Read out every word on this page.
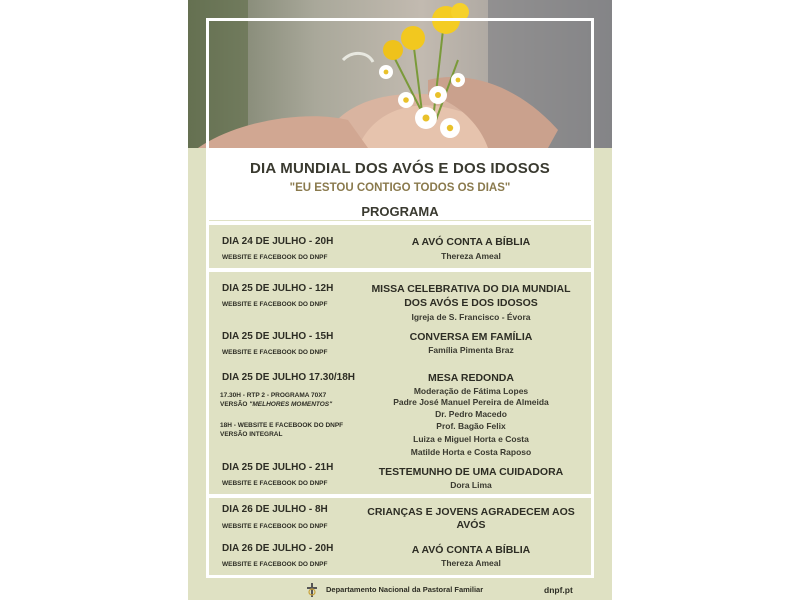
DIA MUNDIAL DOS AVÓS E DOS IDOSOS
"EU ESTOU CONTIGO TODOS OS DIAS"
PROGRAMA
DIA 24 DE JULHO - 20H
WEBSITE E FACEBOOK DO DNPF
A AVÓ CONTA A BÍBLIA
Thereza Ameal
DIA 25 DE JULHO - 12H
WEBSITE E FACEBOOK DO DNPF
MISSA CELEBRATIVA DO DIA MUNDIAL
DOS AVÓS E DOS IDOSOS
Igreja de S. Francisco - Évora
DIA 25 DE JULHO - 15H
WEBSITE E FACEBOOK DO DNPF
CONVERSA EM FAMÍLIA
Família Pimenta Braz
DIA 25 DE JULHO 17.30/18H
17.30H - RTP 2 - PROGRAMA 70X7
VERSÃO "MELHORES MOMENTOS"
18H - WEBSITE E FACEBOOK DO DNPF
VERSÃO INTEGRAL
MESA REDONDA
Moderação de Fátima Lopes
Padre José Manuel Pereira de Almeida
Dr. Pedro Macedo
Prof. Bagão Felix
Luiza e Miguel Horta e Costa
Matilde Horta e Costa Raposo
DIA 25 DE JULHO - 21H
WEBSITE E FACEBOOK DO DNPF
TESTEMUNHO DE UMA CUIDADORA
Dora Lima
DIA 26 DE JULHO - 8H
WEBSITE E FACEBOOK DO DNPF
CRIANÇAS E JOVENS AGRADECEM AOS
AVÓS
DIA 26 DE JULHO - 20H
WEBSITE E FACEBOOK DO DNPF
A AVÓ CONTA A BÍBLIA
Thereza Ameal
Departamento Nacional da Pastoral Familiar	dnpf.pt
